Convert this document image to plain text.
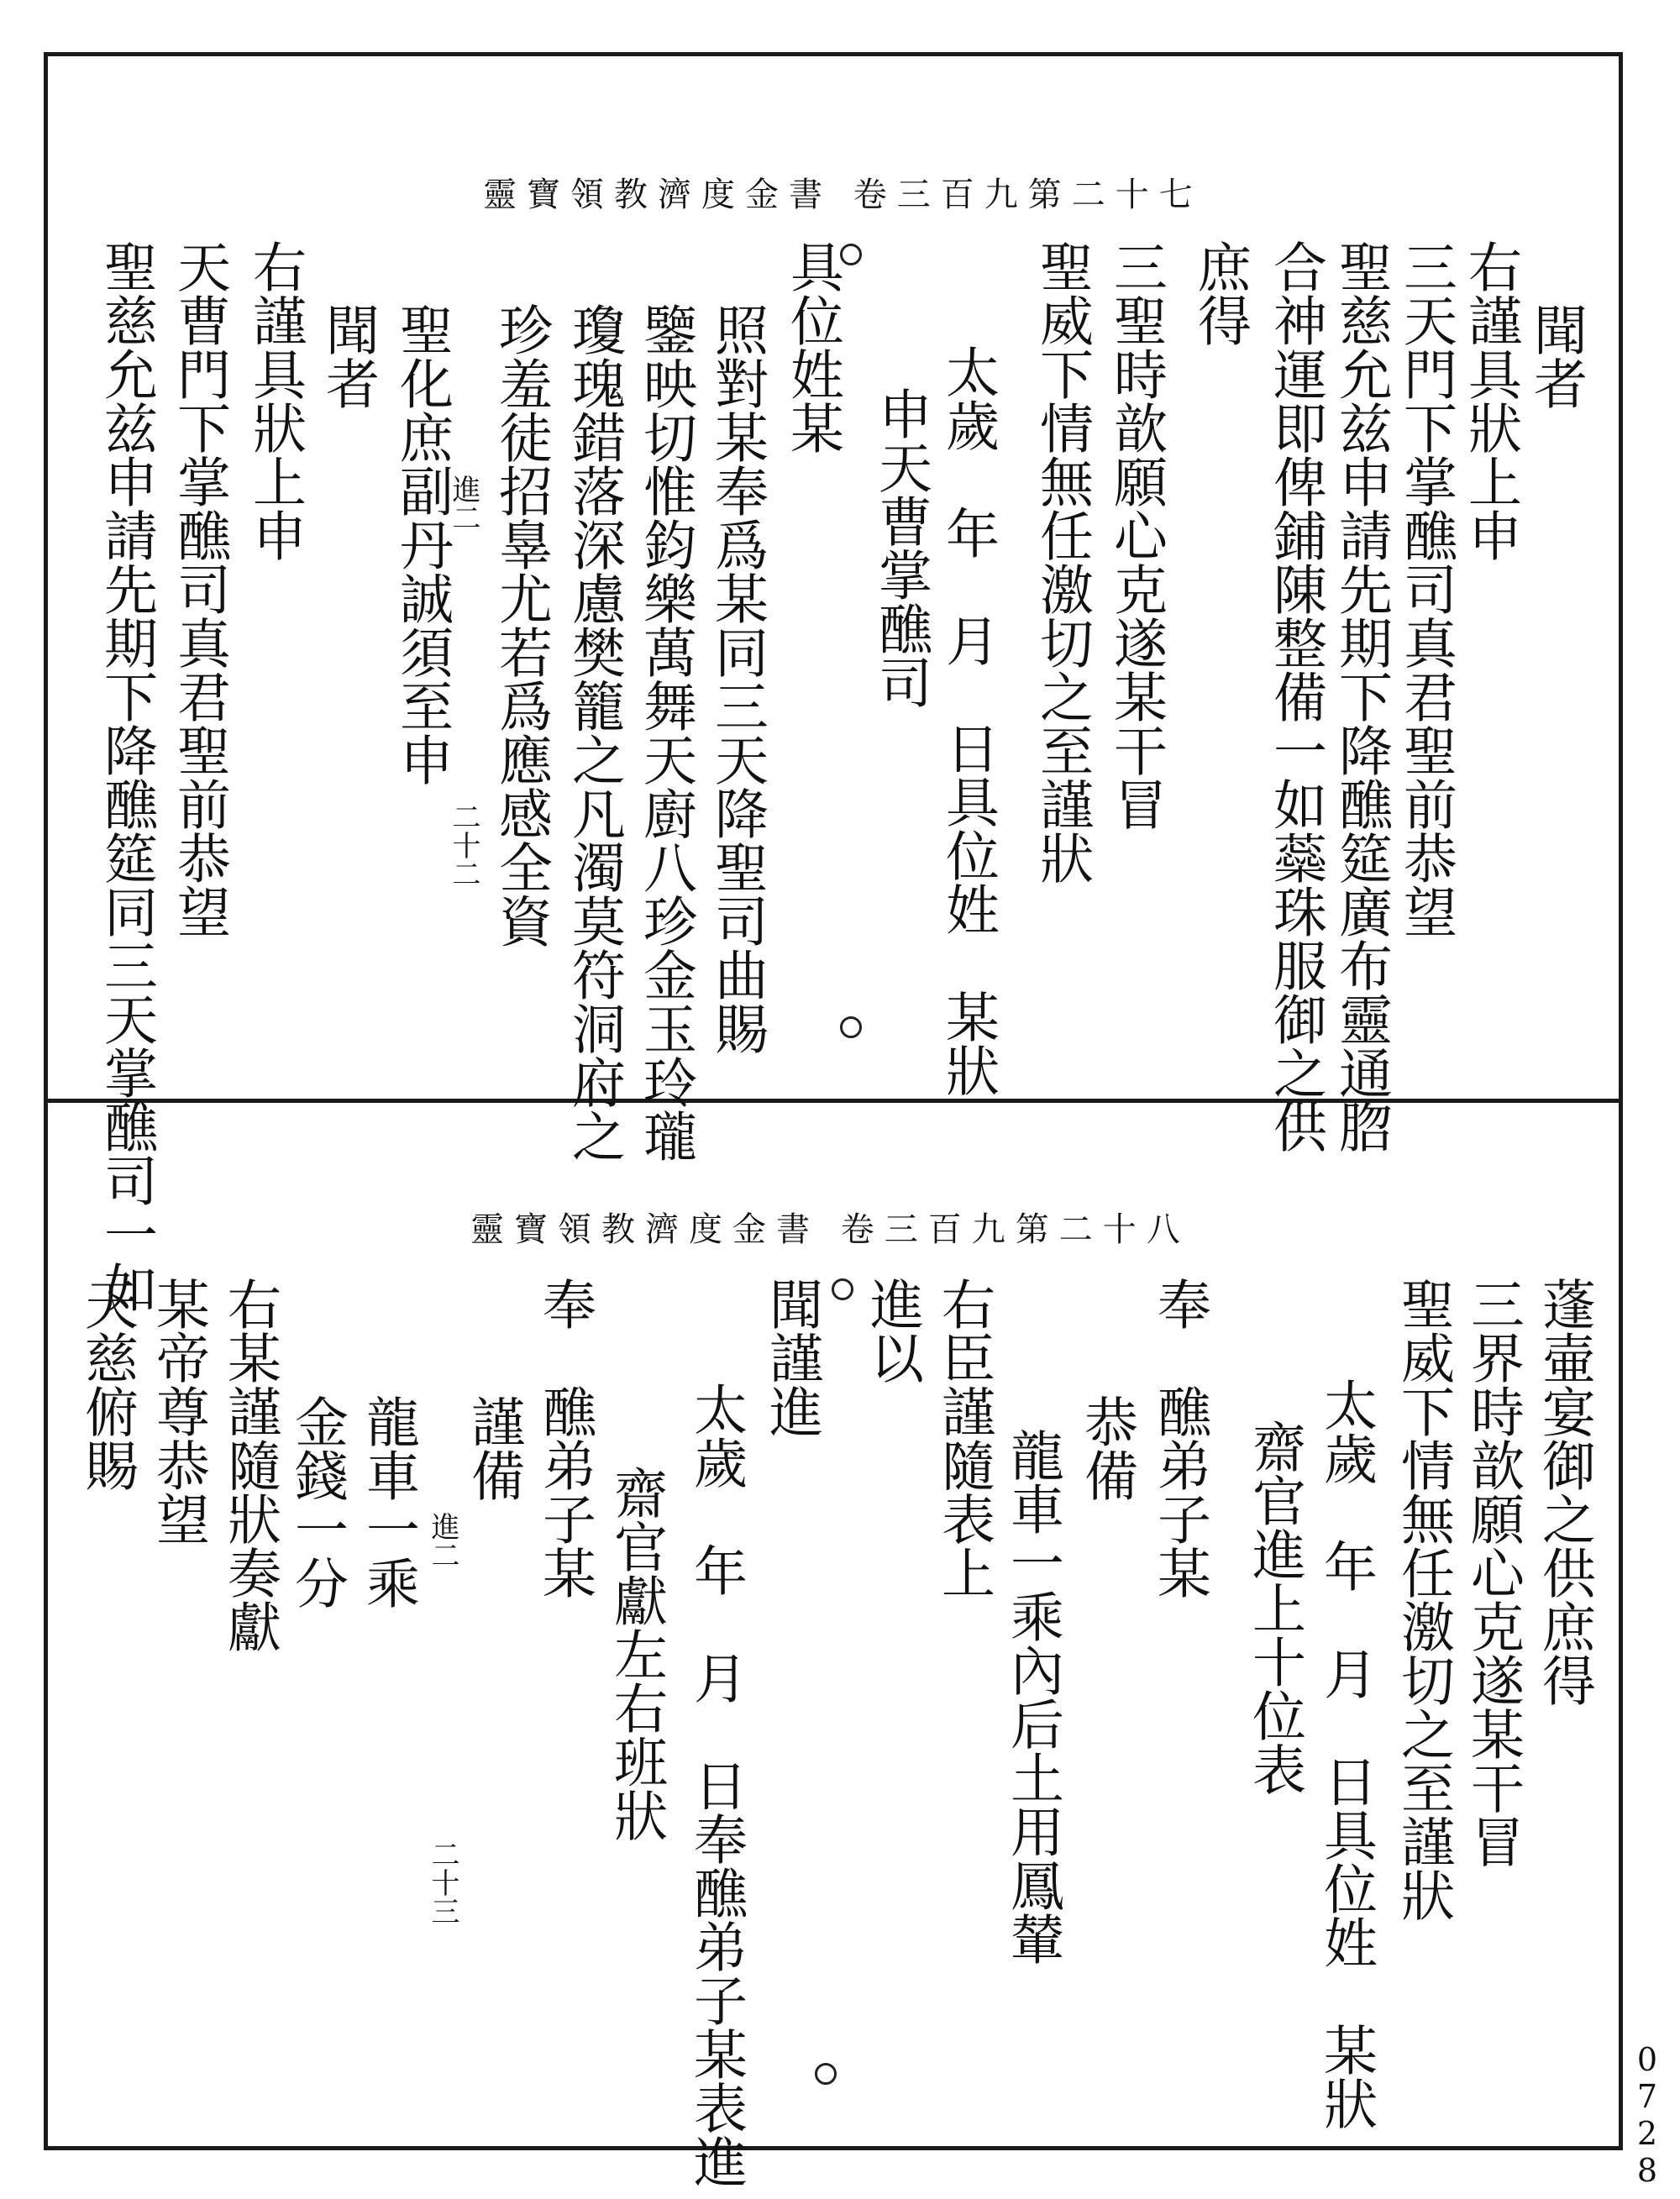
靈寶領教濟度金書 卷三百九第二十七
聞者
右謹具狀上申
三天門下掌醮司真君聖前恭望
聖慈允兹申請先期下降醮筵廣布靈通脗
合神運即俾鋪陳整備一如蘂珠服御之供
庶得
三聖時歆願心克遂某干冒
聖威下情無任激切之至謹狀
太歲　年　月　日具位姓　某狀
申天曹掌醮司
具位姓某
照對某奉爲某同三天降聖司曲賜
鑒映切惟鈞樂萬舞天廚八珍金玉玲瓏
瓊瑰錯落深慮樊籠之凡濁莫符洞府之
珍羞徒招辠尤若爲應感全資
聖化庶副丹誠須至申
聞者
右謹具狀上申
天曹門下掌醮司真君聖前恭望
聖慈允兹申請先期下降醮筵同三天掌醮司一如	進二
二十二
靈寶領教濟度金書 卷三百九第二十八
蓬壷宴御之供庶得
三界時歆願心克遂某干冒
聖威下情無任激切之至謹狀
太歲　年　月　日具位姓　某狀
齋官進上十位表
奉　醮弟子某
恭備
龍車一乘內后土用鳳輦
右臣謹隨表上
進以
聞謹進
太歲　年　月　日奉醮弟子某表進
齋官獻左右班狀
奉　醮弟子某
謹備
龍車一乘
金錢一分
右某謹隨狀奏獻
某帝尊恭望
天慈俯賜
進二
二十三
0728
